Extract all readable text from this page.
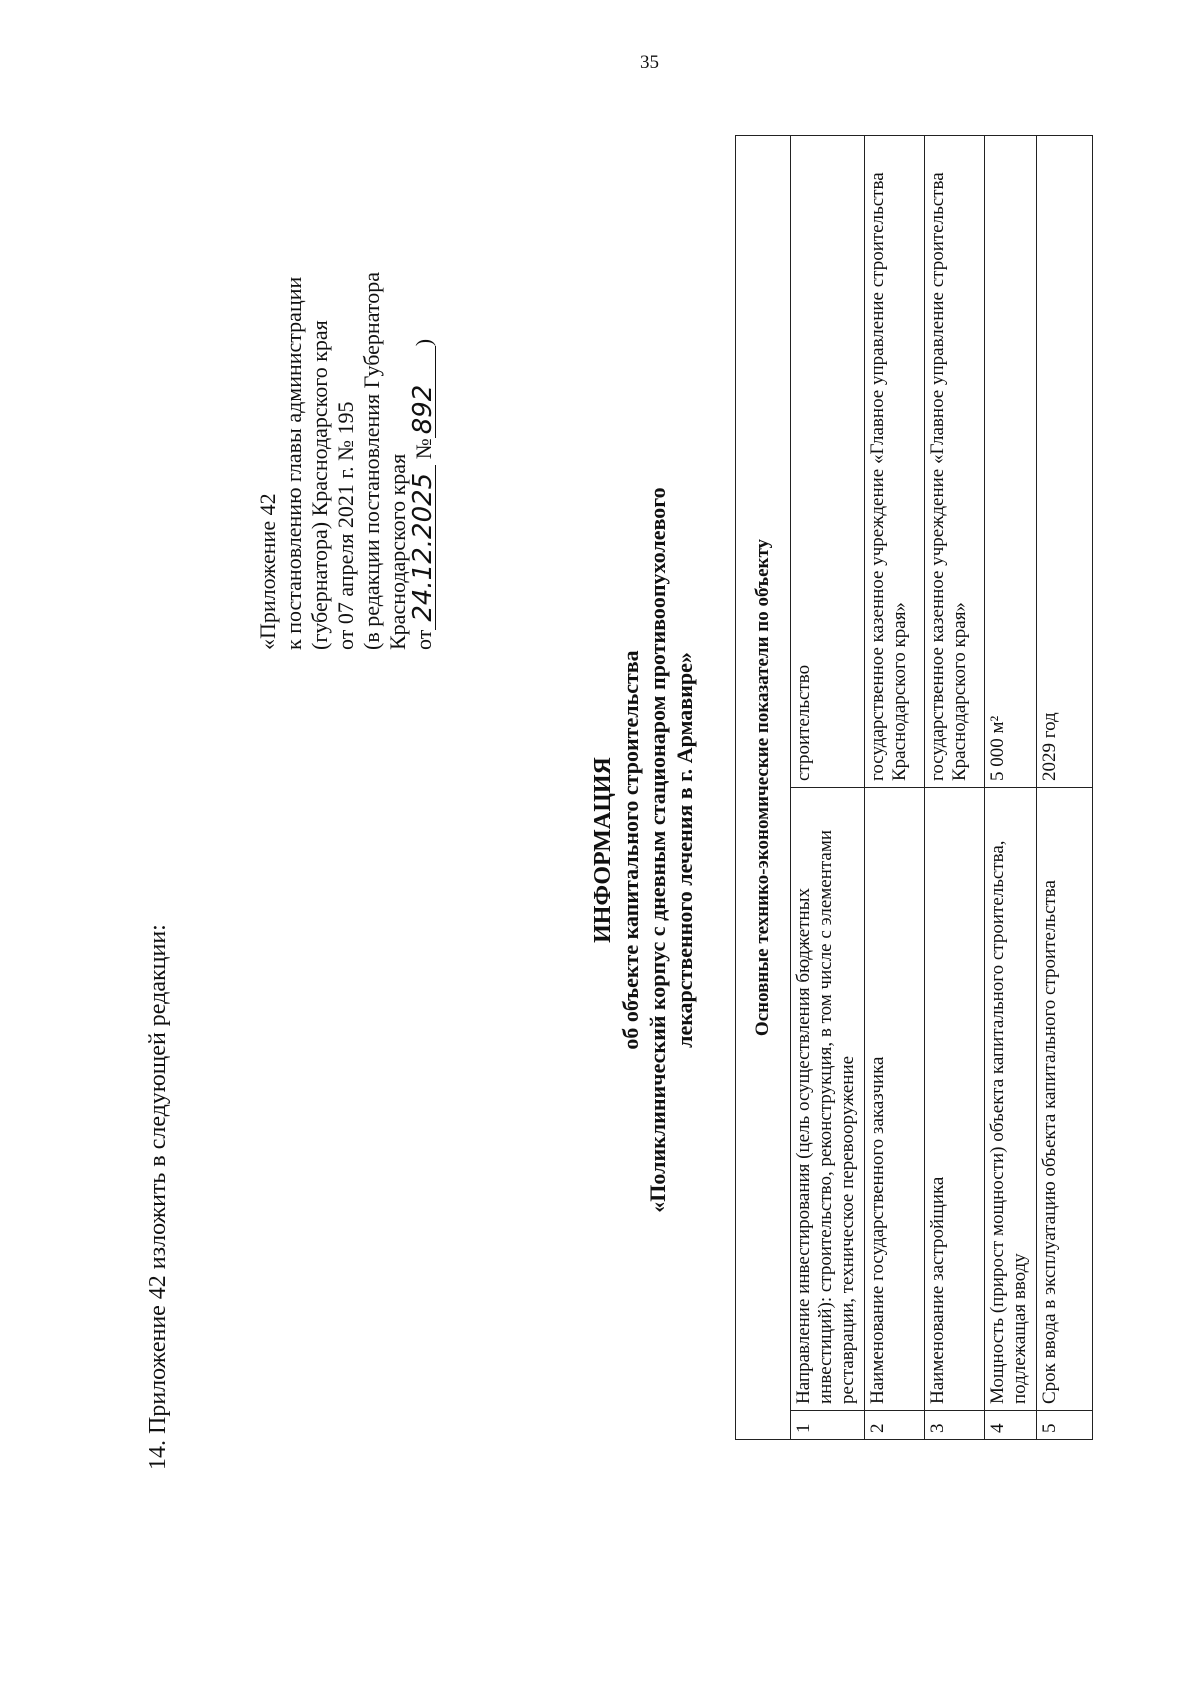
35
14. Приложение 42 изложить в следующей редакции:
«Приложение 42 к постановлению главы администрации (губернатора) Краснодарского края от 07 апреля 2021 г. № 195 (в редакции постановления Губернатора Краснодарского края от24.12.2025 №892)
ИНФОРМАЦИЯ об объекте капитального строительства «Поликлинический корпус с дневным стационаром противоопухолевого лекарственного лечения в г. Армавире»	Основные технико-экономические показатели по объекту		
1	Направление инвестирования (цель осуществления бюджетных инвестиций): строительство, реконструкция, в том числе с элементами реставрации, техническое перевооружение	строительство
2	Наименование государственного заказчика	государственное казенное учреждение «Главное управление строительства Краснодарского края»
3	Наименование застройщика	государственное казенное учреждение «Главное управление строительства Краснодарского края»
4	Мощность (прирост мощности) объекта капитального строительства, подлежащая вводу	5 000 м²
5	Срок ввода в эксплуатацию объекта капитального строительства	2029 год
